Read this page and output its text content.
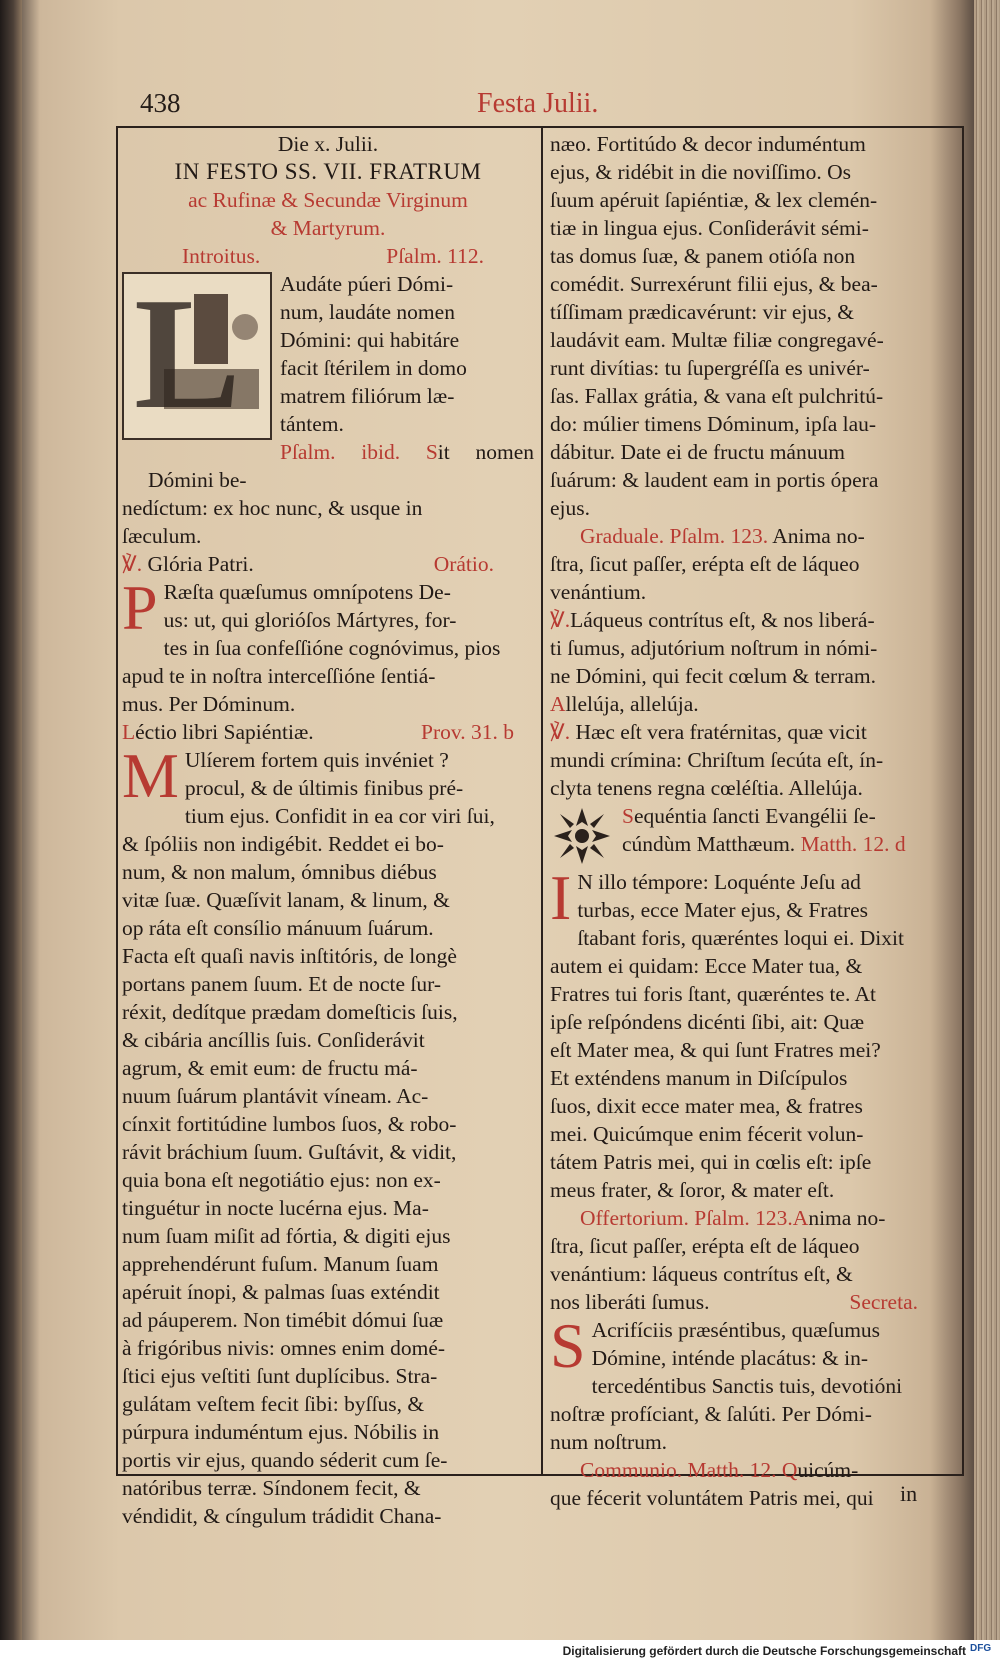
438	Festa Julii.

Die x. Julii.

IN FESTO SS. VII. FRATRUM

ac Rufinæ & Secundæ Virginum

& Martyrum.

Introitus.	Pſalm. 112.

L	Audáte púeri Dómi-
num, laudáte nomen
Dómini: qui habitáre
facit ſtérilem in domo
matrem filiórum læ-
tántem.

Pſalm. ibid. Sit nomen Dómini be-

nedíctum: ex hoc nunc, & usque in

ſæculum.

℣. Glória Patri.	Orátio.

P Ræſta quæſumus omnípotens De-
us: ut, qui glorióſos Mártyres, for-
tes in ſua confeſſióne cognóvimus, pios
apud te in noſtra interceſſióne ſentiá-
mus. Per Dóminum.

Léctio libri Sapiéntiæ.	Prov. 31. b

M Ulíerem fortem quis invéniet ?
procul, & de últimis finibus pré-
tium ejus. Confidit in ea cor viri ſui,
& ſpóliis non indigébit. Reddet ei bo-
num, & non malum, ómnibus diébus
vitæ ſuæ. Quæſívit lanam, & linum, &
op ráta eſt consílio mánuum ſuárum.
Facta eſt quaſi navis inſtitóris, de longè
portans panem ſuum. Et de nocte ſur-
réxit, dedítque prædam domeſticis ſuis,
& cibária ancíllis ſuis. Conſiderávit
agrum, & emit eum: de fructu má-
nuum ſuárum plantávit víneam. Ac-
cínxit fortitúdine lumbos ſuos, & robo-
rávit bráchium ſuum. Guſtávit, & vidit,
quia bona eſt negotiátio ejus: non ex-
tinguétur in nocte lucérna ejus. Ma-
num ſuam miſit ad fórtia, & digiti ejus
apprehendérunt fuſum. Manum ſuam
apéruit ínopi, & palmas ſuas exténdit
ad páuperem. Non timébit dómui ſuæ
à frigóribus nivis: omnes enim domé-
ſtici ejus veſtiti ſunt duplícibus. Stra-
gulátam veſtem fecit ſibi: byſſus, &
púrpura induméntum ejus. Nóbilis in
portis vir ejus, quando séderit cum ſe-
natóribus terræ. Síndonem fecit, &
véndidit, & cíngulum trádidit Chana-
næo. Fortitúdo & decor induméntum
ejus, & ridébit in die noviſſimo. Os
ſuum apéruit ſapiéntiæ, & lex clemén-
tiæ in lingua ejus. Conſiderávit sémi-
tas domus ſuæ, & panem otióſa non
comédit. Surrexérunt filii ejus, & bea-
tíſſimam prædicavérunt: vir ejus, &
laudávit eam. Multæ filiæ congregavé-
runt divítias: tu ſupergréſſa es univér-
ſas. Fallax grátia, & vana eſt pulchritú-
do: múlier timens Dóminum, ipſa lau-
dábitur. Date ei de fructu mánuum
ſuárum: & laudent eam in portis ópera
ejus.

Graduale. Pſalm. 123. Anima no-

ſtra, ſicut paſſer, erépta eſt de láqueo
venántium.

℣.Láqueus contrítus eſt, & nos liberá-

ti ſumus, adjutórium noſtrum in nómi-
ne Dómini, qui fecit cœlum & terram.

Allelúja, allelúja.

℣. Hæc eſt vera fratérnitas, quæ vicit

mundi crímina: Chriſtum ſecúta eſt, ín-
clyta tenens regna cœléſtia. Allelúja.
Sequéntia ſancti Evangélii ſe-
cúndùm Matthæum. Matth. 12. d
I N illo témpore: Loquénte Jeſu ad
turbas, ecce Mater ejus, & Fratres
ſtabant foris, quæréntes loqui ei. Dixit
autem ei quidam: Ecce Mater tua, &
Fratres tui foris ſtant, quæréntes te. At
ipſe reſpóndens dicénti ſibi, ait: Quæ
eſt Mater mea, & qui ſunt Fratres mei?
Et exténdens manum in Diſcípulos
ſuos, dixit ecce mater mea, & fratres
mei. Quicúmque enim fécerit volun-
tátem Patris mei, qui in cœlis eſt: ipſe
meus frater, & ſoror, & mater eſt.

Offertorium. Pſalm. 123.Anima no-

ſtra, ſicut paſſer, erépta eſt de láqueo
venántium: láqueus contrítus eſt, &

nos liberáti ſumus.	Secreta.

S Acrifíciis præséntibus, quæſumus
Dómine, inténde placátus: & in-
tercedéntibus Sanctis tuis, devotióni
noſtræ profíciant, & ſalúti. Per Dómi-
num noſtrum.

Communio. Matth. 12. Quicúm-

que fécerit voluntátem Patris mei, qui	in
Digitalisierung gefördert durch die Deutsche Forschungsgemeinschaft DFG
